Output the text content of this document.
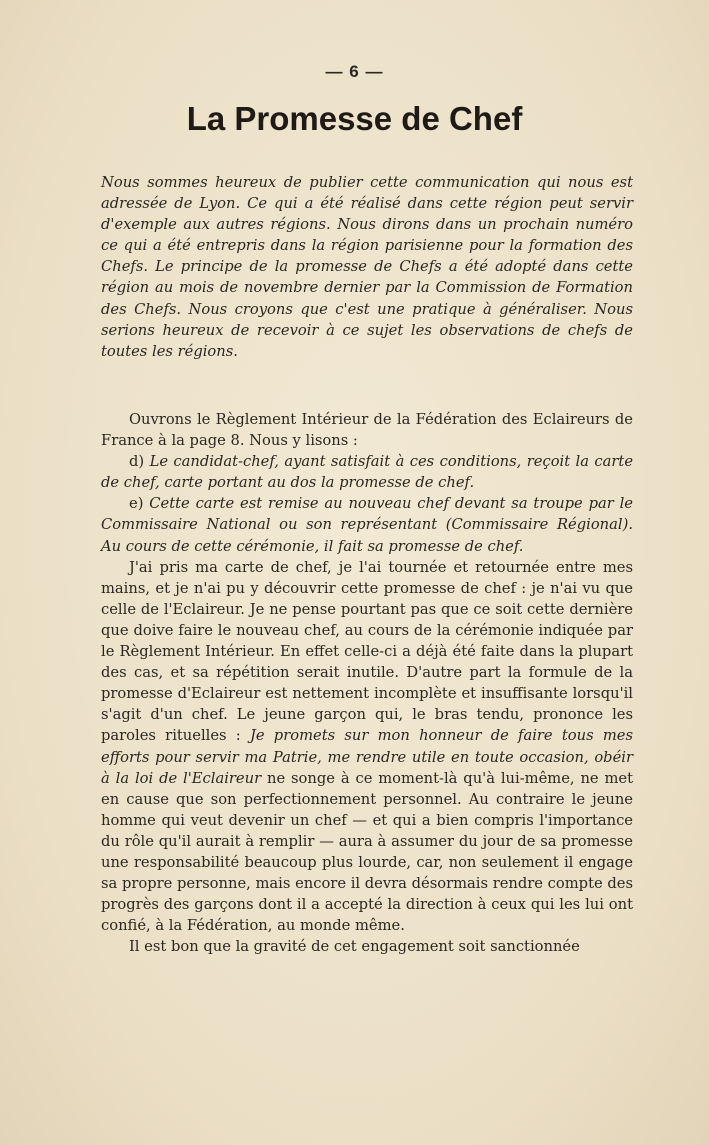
— 6 —
La Promesse de Chef

Nous sommes heureux de publier cette communication qui nous est adressée de Lyon. Ce qui a été réalisé dans cette région peut servir d'exemple aux autres régions. Nous dirons dans un prochain numéro ce qui a été entrepris dans la région parisienne pour la formation des Chefs. Le principe de la promesse de Chefs a été adopté dans cette région au mois de novembre dernier par la Commission de Formation des Chefs. Nous croyons que c'est une pratique à généraliser. Nous serions heureux de recevoir à ce sujet les observations de chefs de toutes les régions.

Ouvrons le Règlement Intérieur de la Fédération des Eclaireurs de France à la page 8. Nous y lisons :

d) Le candidat-chef, ayant satisfait à ces conditions, reçoit la carte de chef, carte portant au dos la promesse de chef.

e) Cette carte est remise au nouveau chef devant sa troupe par le Commissaire National ou son représentant (Commissaire Régional). Au cours de cette cérémonie, il fait sa promesse de chef.

J'ai pris ma carte de chef, je l'ai tournée et retournée entre mes mains, et je n'ai pu y découvrir cette promesse de chef : je n'ai vu que celle de l'Eclaireur. Je ne pense pourtant pas que ce soit cette dernière que doive faire le nouveau chef, au cours de la cérémonie indiquée par le Règlement Intérieur. En effet celle-ci a déjà été faite dans la plupart des cas, et sa répétition serait inutile. D'autre part la formule de la promesse d'Eclaireur est nettement incomplète et insuffisante lorsqu'il s'agit d'un chef. Le jeune garçon qui, le bras tendu, prononce les paroles rituelles : Je promets sur mon honneur de faire tous mes efforts pour servir ma Patrie, me rendre utile en toute occasion, obéir à la loi de l'Eclaireur ne songe à ce moment-là qu'à lui-même, ne met en cause que son perfectionnement personnel. Au contraire le jeune homme qui veut devenir un chef — et qui a bien compris l'importance du rôle qu'il aurait à remplir — aura à assumer du jour de sa promesse une responsabilité beaucoup plus lourde, car, non seulement il engage sa propre personne, mais encore il devra désormais rendre compte des progrès des garçons dont il a accepté la direction à ceux qui les lui ont confié, à la Fédération, au monde même.

Il est bon que la gravité de cet engagement soit sanctionnée
